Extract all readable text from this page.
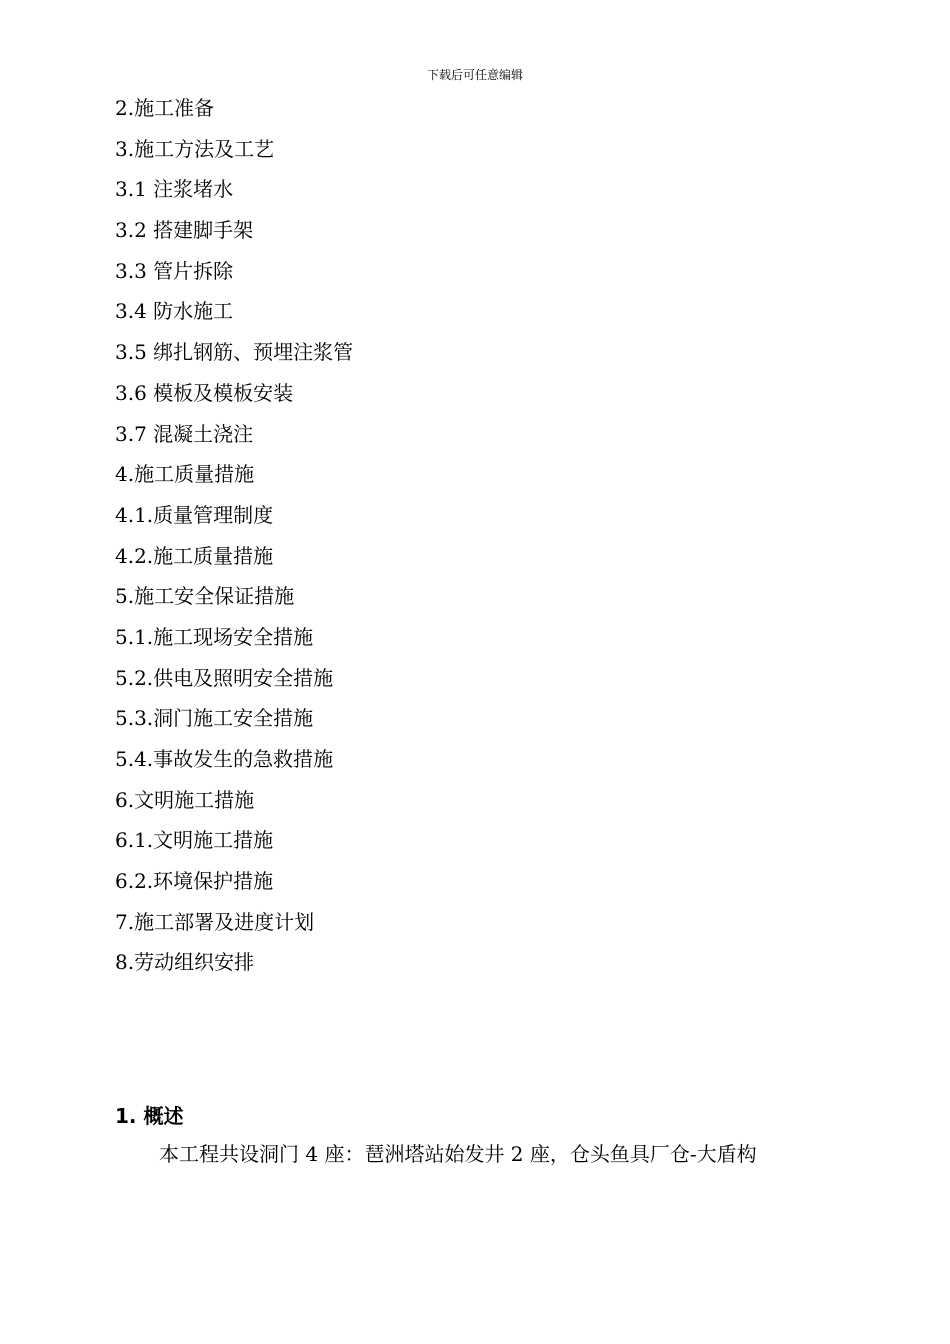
下载后可任意编辑
2.施工准备
3.施工方法及工艺
3.1 注浆堵水
3.2 搭建脚手架
3.3 管片拆除
3.4 防水施工
3.5 绑扎钢筋、预埋注浆管
3.6 模板及模板安装
3.7 混凝土浇注
4.施工质量措施
4.1.质量管理制度
4.2.施工质量措施
5.施工安全保证措施
5.1.施工现场安全措施
5.2.供电及照明安全措施
5.3.洞门施工安全措施
5.4.事故发生的急救措施
6.文明施工措施
6.1.文明施工措施
6.2.环境保护措施
7.施工部署及进度计划
8.劳动组织安排
1. 概述

本工程共设洞门 4 座：琶洲塔站始发井 2 座，仓头鱼具厂仓-大盾构
